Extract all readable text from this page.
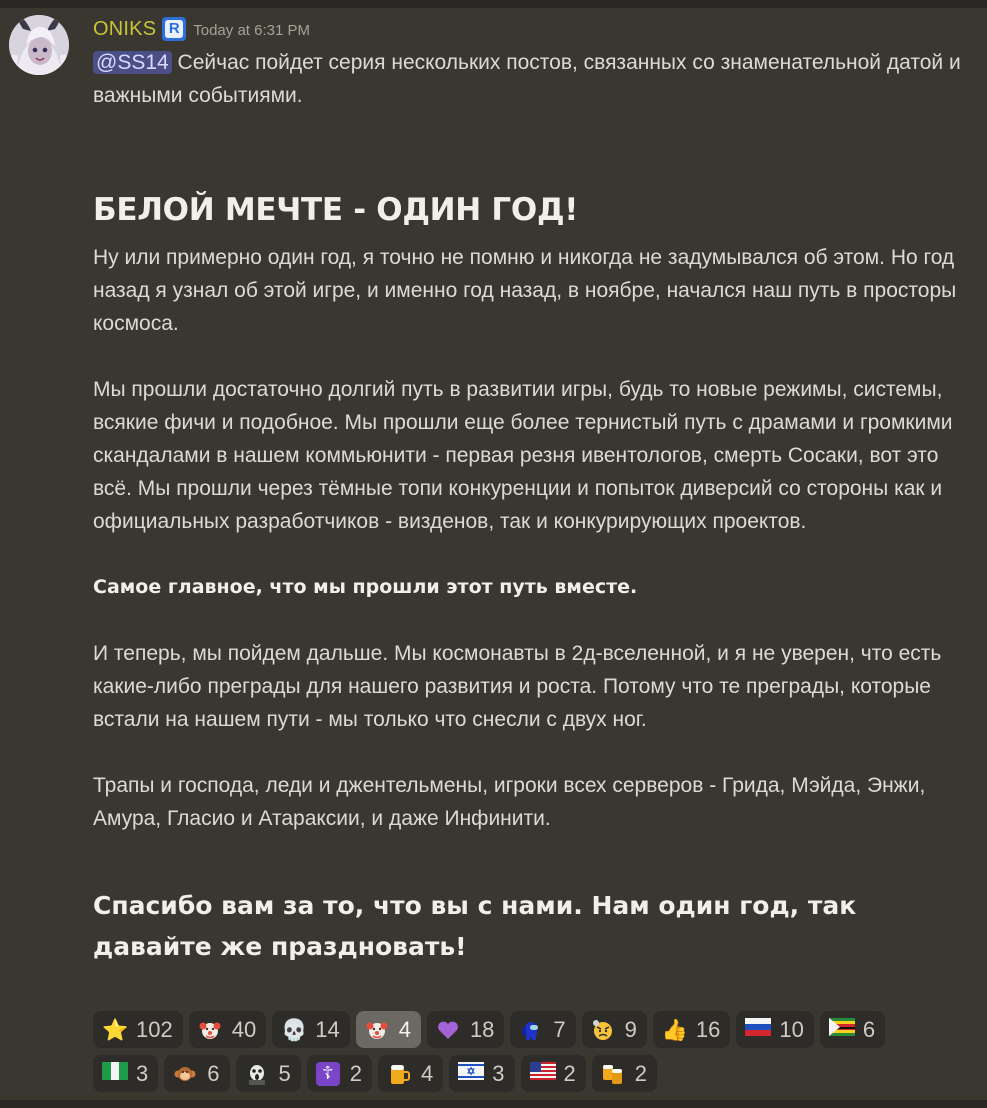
ONIKS R Today at 6:31 PM
@SS14 Сейчас пойдет серия нескольких постов, связанных со знаменательной датой и важными событиями.
БЕЛОЙ МЕЧТЕ - ОДИН ГОД!

Ну или примерно один год, я точно не помню и никогда не задумывался об этом. Но год назад я узнал об этой игре, и именно год назад, в ноябре, начался наш путь в просторы космоса.

Мы прошли достаточно долгий путь в развитии игры, будь то новые режимы, системы, всякие фичи и подобное. Мы прошли еще более тернистый путь с драмами и громкими скандалами в нашем коммьюнити - первая резня ивентологов, смерть Сосаки, вот это всё. Мы прошли через тёмные топи конкуренции и попыток диверсий со стороны как и официальных разработчиков - визденов, так и конкурирующих проектов.

Самое главное, что мы прошли этот путь вместе.

И теперь, мы пойдем дальше. Мы космонавты в 2д-вселенной, и я не уверен, что есть какие-либо преграды для нашего развития и роста. Потому что те преграды, которые встали на нашем пути - мы только что снесли с двух ног.

Трапы и господа, леди и джентельмены, игроки всех серверов - Грида, Мэйда, Энжи, Амура, Гласио и Атараксии, и даже Инфинити.

Спасибо вам за то, что вы с нами. Нам один год, так давайте же праздновать!
⭐ 102	40 💀 14	4	18	7	9 👍 16	10	6
3	6	5	☦ 2	4	3	2	2
